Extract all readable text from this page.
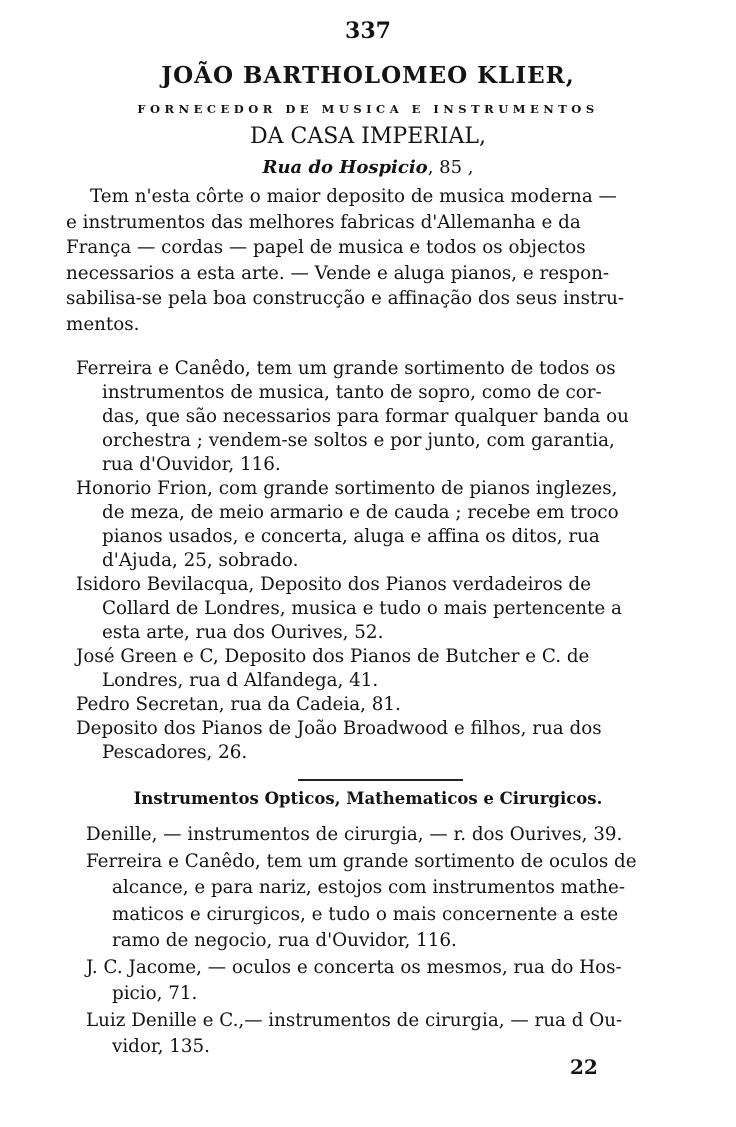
337
JOÃO BARTHOLOMEO KLIER,
FORNECEDOR DE MUSICA E INSTRUMENTOS
DA CASA IMPERIAL,
Rua do Hospicio, 85 ,
Tem n'esta côrte o maior deposito de musica moderna —
e instrumentos das melhores fabricas d'Allemanha e da
França — cordas — papel de musica e todos os objectos
necessarios a esta arte. — Vende e aluga pianos, e respon-
sabilisa-se pela boa construcção e affinação dos seus instru-
mentos.
Ferreira e Canêdo, tem um grande sortimento de todos os
instrumentos de musica, tanto de sopro, como de cor-
das, que são necessarios para formar qualquer banda ou
orchestra ; vendem-se soltos e por junto, com garantia,
rua d'Ouvidor, 116.
Honorio Frion, com grande sortimento de pianos inglezes,
de meza, de meio armario e de cauda ; recebe em troco
pianos usados, e concerta, aluga e affina os ditos, rua
d'Ajuda, 25, sobrado.
Isidoro Bevilacqua, Deposito dos Pianos verdadeiros de
Collard de Londres, musica e tudo o mais pertencente a
esta arte, rua dos Ourives, 52.
José Green e C, Deposito dos Pianos de Butcher e C. de
Londres, rua d Alfandega, 41.
Pedro Secretan, rua da Cadeia, 81.
Deposito dos Pianos de João Broadwood e filhos, rua dos
Pescadores, 26.
Instrumentos Opticos, Mathematicos e Cirurgicos.
Denille, — instrumentos de cirurgia, — r. dos Ourives, 39.
Ferreira e Canêdo, tem um grande sortimento de oculos de
alcance, e para nariz, estojos com instrumentos mathe-
maticos e cirurgicos, e tudo o mais concernente a este
ramo de negocio, rua d'Ouvidor, 116.
J. C. Jacome, — oculos e concerta os mesmos, rua do Hos-
picio, 71.
Luiz Denille e C.,— instrumentos de cirurgia, — rua d Ou-
vidor, 135.
22
